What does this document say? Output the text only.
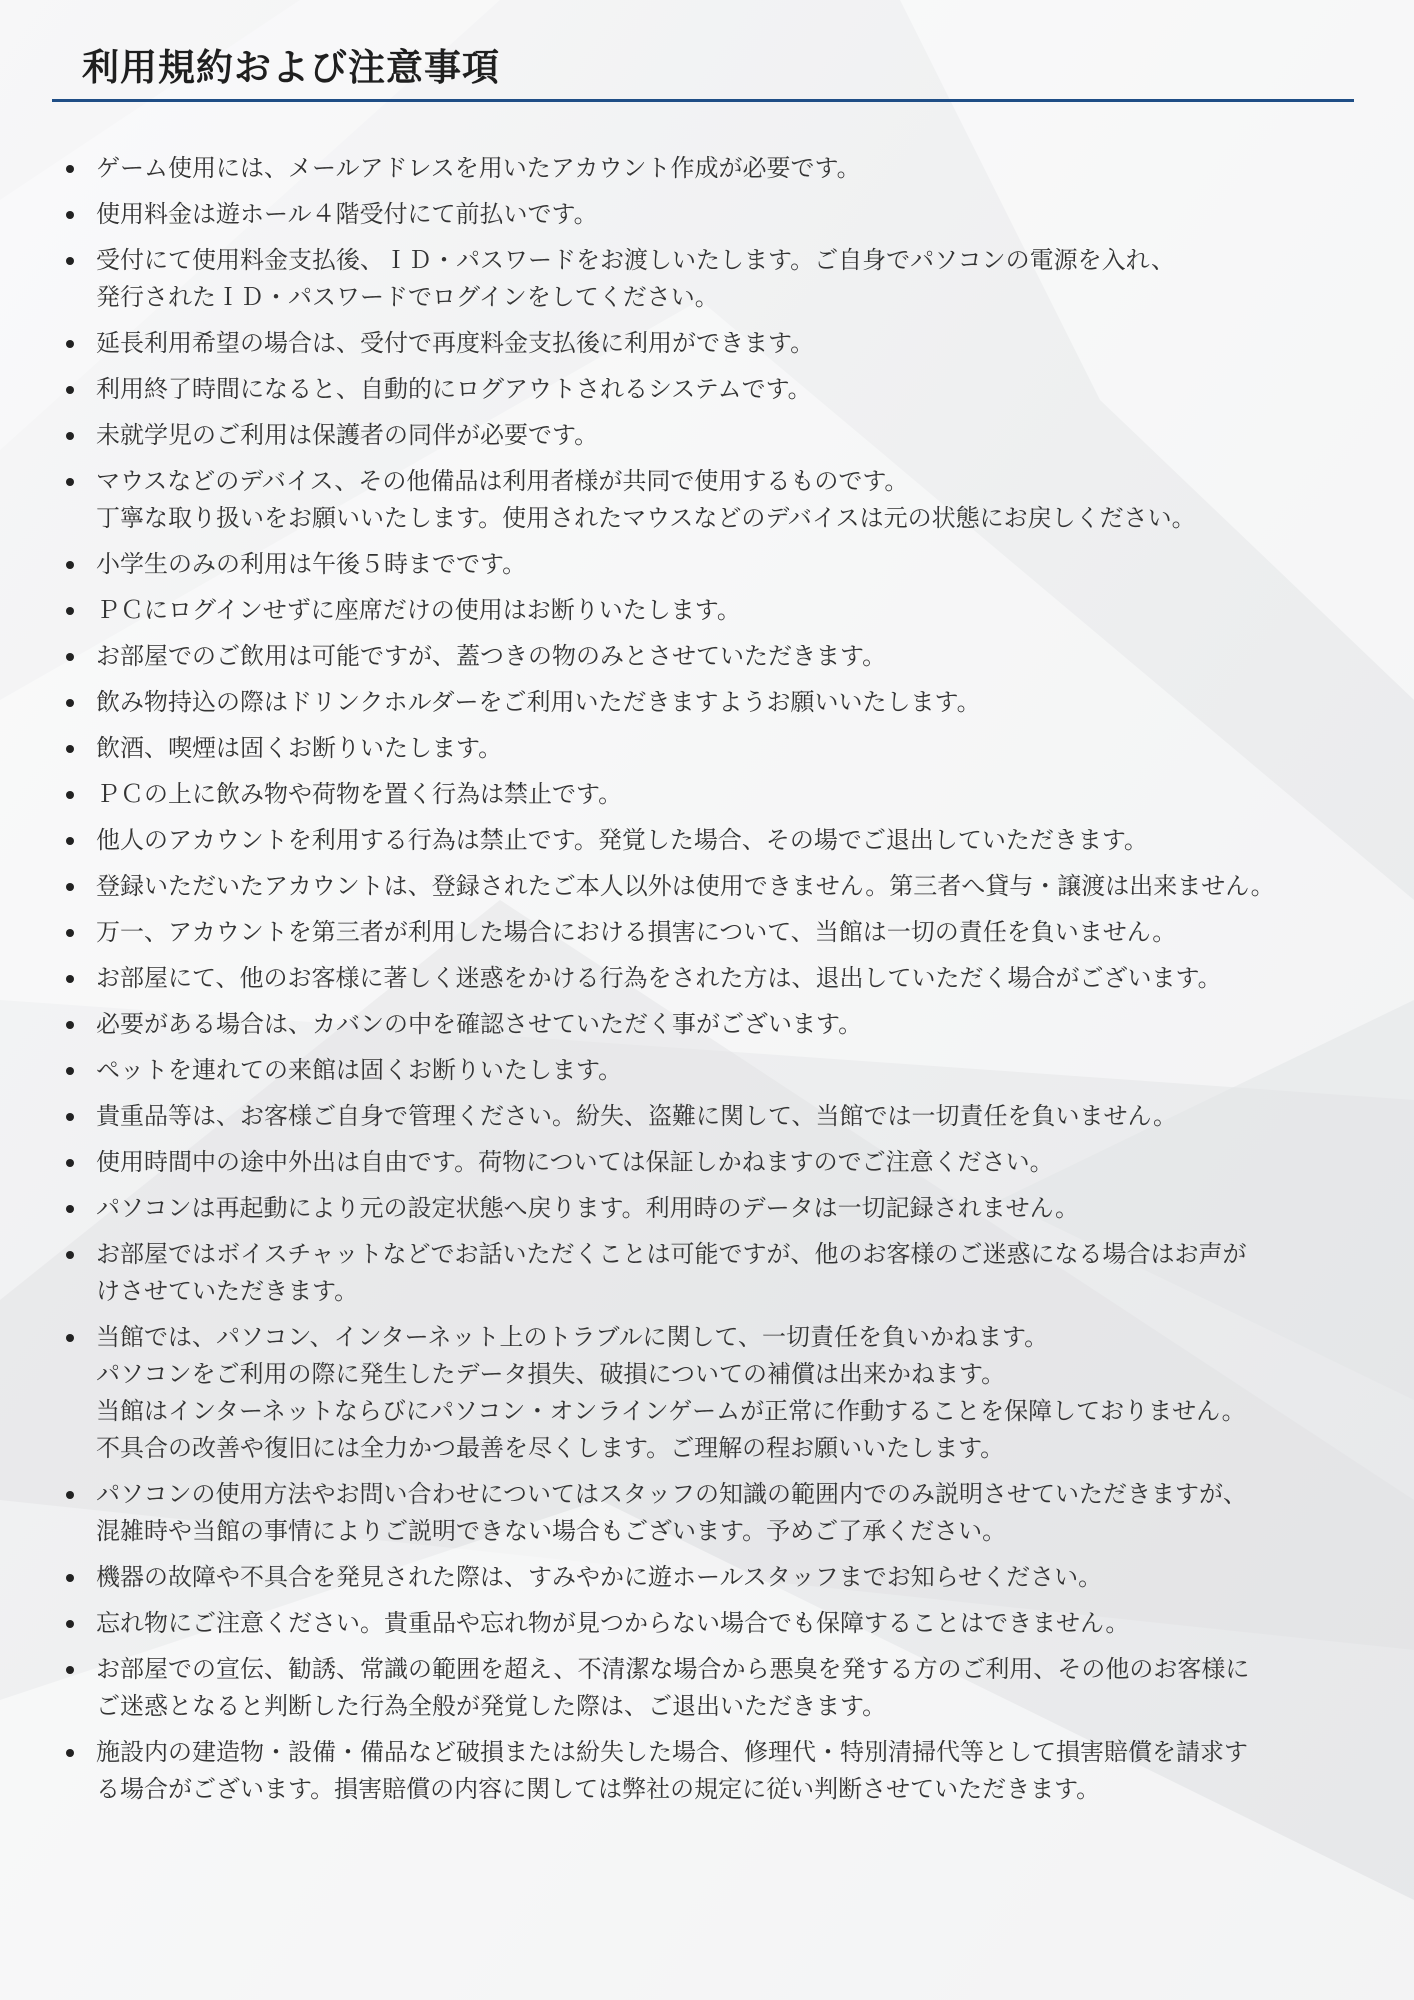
利用規約および注意事項
ゲーム使用には、メールアドレスを用いたアカウント作成が必要です。
使用料金は遊ホール４階受付にて前払いです。
受付にて使用料金支払後、ＩＤ・パスワードをお渡しいたします。ご自身でパソコンの電源を入れ、
発行されたＩＤ・パスワードでログインをしてください。
延長利用希望の場合は、受付で再度料金支払後に利用ができます。
利用終了時間になると、自動的にログアウトされるシステムです。
未就学児のご利用は保護者の同伴が必要です。
マウスなどのデバイス、その他備品は利用者様が共同で使用するものです。
丁寧な取り扱いをお願いいたします。使用されたマウスなどのデバイスは元の状態にお戻しください。
小学生のみの利用は午後５時までです。
ＰＣにログインせずに座席だけの使用はお断りいたします。
お部屋でのご飲用は可能ですが、蓋つきの物のみとさせていただきます。
飲み物持込の際はドリンクホルダーをご利用いただきますようお願いいたします。
飲酒、喫煙は固くお断りいたします。
ＰＣの上に飲み物や荷物を置く行為は禁止です。
他人のアカウントを利用する行為は禁止です。発覚した場合、その場でご退出していただきます。
登録いただいたアカウントは、登録されたご本人以外は使用できません。第三者へ貸与・譲渡は出来ません。
万一、アカウントを第三者が利用した場合における損害について、当館は一切の責任を負いません。
お部屋にて、他のお客様に著しく迷惑をかける行為をされた方は、退出していただく場合がございます。
必要がある場合は、カバンの中を確認させていただく事がございます。
ペットを連れての来館は固くお断りいたします。
貴重品等は、お客様ご自身で管理ください。紛失、盗難に関して、当館では一切責任を負いません。
使用時間中の途中外出は自由です。荷物については保証しかねますのでご注意ください。
パソコンは再起動により元の設定状態へ戻ります。利用時のデータは一切記録されません。
お部屋ではボイスチャットなどでお話いただくことは可能ですが、他のお客様のご迷惑になる場合はお声が
けさせていただきます。
当館では、パソコン、インターネット上のトラブルに関して、一切責任を負いかねます。
パソコンをご利用の際に発生したデータ損失、破損についての補償は出来かねます。
当館はインターネットならびにパソコン・オンラインゲームが正常に作動することを保障しておりません。
不具合の改善や復旧には全力かつ最善を尽くします。ご理解の程お願いいたします。
パソコンの使用方法やお問い合わせについてはスタッフの知識の範囲内でのみ説明させていただきますが、
混雑時や当館の事情によりご説明できない場合もございます。予めご了承ください。
機器の故障や不具合を発見された際は、すみやかに遊ホールスタッフまでお知らせください。
忘れ物にご注意ください。貴重品や忘れ物が見つからない場合でも保障することはできません。
お部屋での宣伝、勧誘、常識の範囲を超え、不清潔な場合から悪臭を発する方のご利用、その他のお客様に
ご迷惑となると判断した行為全般が発覚した際は、ご退出いただきます。
施設内の建造物・設備・備品など破損または紛失した場合、修理代・特別清掃代等として損害賠償を請求す
る場合がございます。損害賠償の内容に関しては弊社の規定に従い判断させていただきます。
